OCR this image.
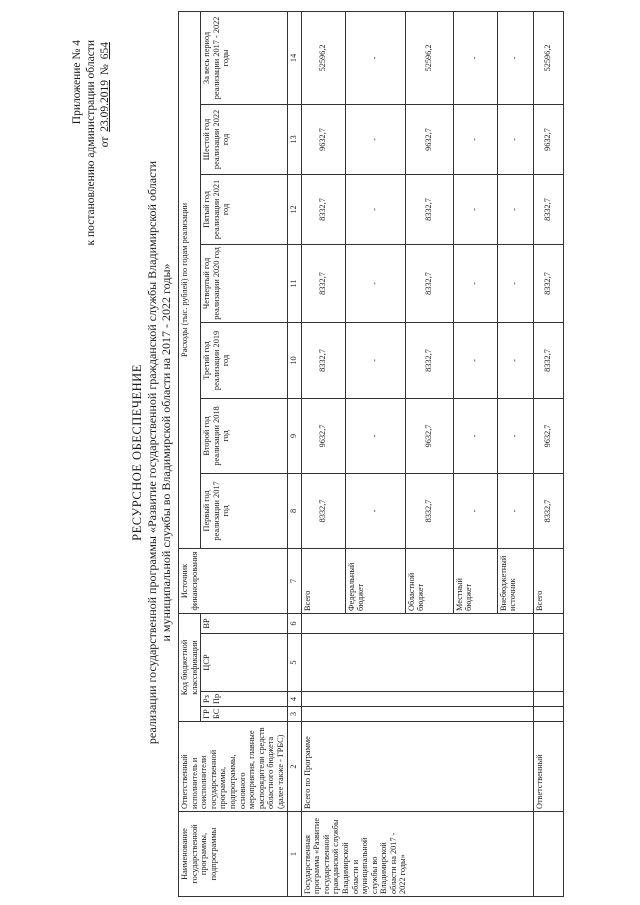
Приложение № 4 к постановлению администрации области от 23.09.2019 № 654
РЕСУРСНОЕ ОБЕСПЕЧЕНИЕ реализации государственной программы «Развитие государственной гражданской службы Владимирской области и муниципальной службы во Владимирской области на 2017 - 2022 годы»
Наименование государственной программы, подпрограммы	Ответственный исполнитель и соисполнители государственной программы, подпрограммы, основного мероприятия, главные распорядители средств областного бюджета (далее также - ГРБС)	Код бюджетной классификации				Источник финансирования	Расходы (тыс. рублей) по годам реализации						
		ГР БС	Рз Пр	ЦСР	ВР		Первый год реализации 2017 год	Второй год реализации 2018 год	Третий год реализации 2019 год	Четвертый год реализации 2020 год	Пятый год реализации 2021 год	Шестой год реализации 2022 год	За весь период реализации 2017 - 2022 годы

1	2	3	4	5	6	7	8	9	10	11	12	13	14
Государственная программа «Развитие государственной гражданской службы Владимирской области и муниципальной службы во Владимирской области на 2017 - 2022 годы»	Всего по Программе					Всего	8332,7	9632,7	8332,7	8332,7	8332,7	9632,7	52596,2
						Федеральный бюджет	-	-	-	-	-	-	-
						Областной бюджет	8332,7	9632,7	8332,7	8332,7	8332,7	9632,7	52596,2
						Местный бюджет	-	-	-	-	-	-	-
						Внебюджетный источник	-	-	-	-	-	-	-
	Ответственный					Всего	8332,7	9632,7	8332,7	8332,7	8332,7	9632,7	52596,2
